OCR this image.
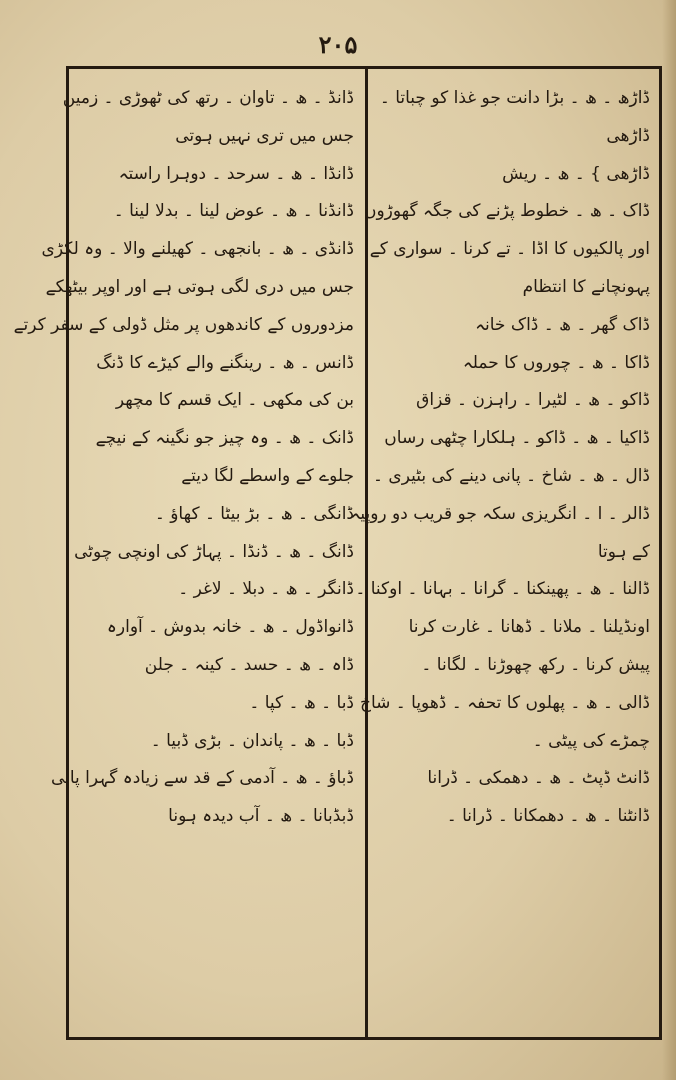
۲۰۵
ڈاڑھ ۔ ھ ۔ بڑا دانت جو غذا کو چباتا ۔
ڈاڑھی
ڈاڑھی } ۔ ھ ۔ ریش
ڈاک ۔ ھ ۔ خطوط پڑنے کی جگہ گھوڑوں
اور پالکیوں کا اڈا ۔ تے کرنا ۔ سواری کے
پہونچانے کا انتظام
ڈاک گھر ۔ ھ ۔ ڈاک خانہ
ڈاکا ۔ ھ ۔ چوروں کا حملہ
ڈاکو ۔ ھ ۔ لٹیرا ۔ راہزن ۔ قزاق
ڈاکیا ۔ ھ ۔ ڈاکو ۔ ہلکارا چٹھی رساں
ڈال ۔ ھ ۔ شاخ ۔ پانی دینے کی بٹیری ۔
ڈالر ۔ ا ۔ انگریزی سکہ جو قریب دو روپیہ
کے ہوتا
ڈالنا ۔ ھ ۔ پھینکنا ۔ گرانا ۔ بہانا ۔ اوکنا ۔
اونڈیلنا ۔ ملانا ۔ ڈھانا ۔ غارت کرنا
پیش کرنا ۔ رکھ چھوڑنا ۔ لگانا ۔
ڈالی ۔ ھ ۔ پھلوں کا تحفہ ۔ ڈھوپا ۔ شاخ ۔
چمڑے کی پیٹی ۔
ڈانٹ ڈپٹ ۔ ھ ۔ دھمکی ۔ ڈرانا
ڈانٹنا ۔ ھ ۔ دھمکانا ۔ ڈرانا ۔
ڈانڈ ۔ ھ ۔ تاوان ۔ رتھ کی ٹھوڑی ۔ زمین
جس میں تری نہیں ہوتی
ڈانڈا ۔ ھ ۔ سرحد ۔ دوہرا راستہ
ڈانڈنا ۔ ھ ۔ عوض لینا ۔ بدلا لینا ۔
ڈانڈی ۔ ھ ۔ بانجھی ۔ کھیلنے والا ۔ وہ لکڑی
جس میں دری لگی ہوتی ہے اور اوپر بیٹھکے
مزدوروں کے کاندھوں پر مثل ڈولی کے سفر کرتے
ڈانس ۔ ھ ۔ رینگنے والے کیڑے کا ڈنگ
بن کی مکھی ۔ ایک قسم کا مچھر
ڈانک ۔ ھ ۔ وہ چیز جو نگینہ کے نیچے
جلوے کے واسطے لگا دیتے
ڈانگی ۔ ھ ۔ بڑ بیٹا ۔ کھاؤ ۔
ڈانگ ۔ ھ ۔ ڈنڈا ۔ پہاڑ کی اونچی چوٹی
ڈانگر ۔ ھ ۔ دبلا ۔ لاغر ۔
ڈانواڈول ۔ ھ ۔ خانہ بدوش ۔ آوارہ
ڈاہ ۔ ھ ۔ حسد ۔ کینہ ۔ جلن
ڈبا ۔ ھ ۔ کپا ۔
ڈبا ۔ ھ ۔ پاندان ۔ بڑی ڈبیا ۔
ڈباؤ ۔ ھ ۔ آدمی کے قد سے زیادہ گہرا پانی
ڈبڈبانا ۔ ھ ۔ آب دیدہ ہونا
